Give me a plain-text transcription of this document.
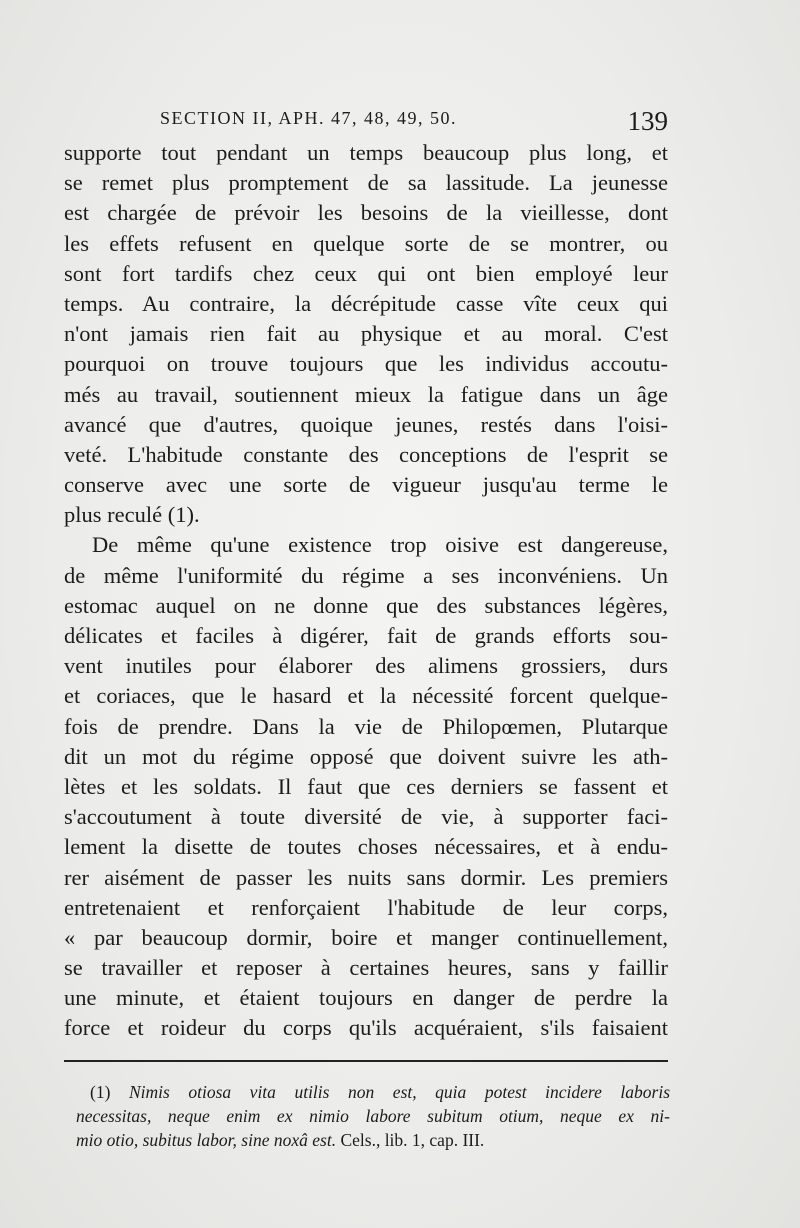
SECTION II, APH. 47, 48, 49, 50.	139
supporte tout pendant un temps beaucoup plus long, et
se remet plus promptement de sa lassitude. La jeunesse
est chargée de prévoir les besoins de la vieillesse, dont
les effets refusent en quelque sorte de se montrer, ou
sont fort tardifs chez ceux qui ont bien employé leur
temps. Au contraire, la décrépitude casse vîte ceux qui
n'ont jamais rien fait au physique et au moral. C'est
pourquoi on trouve toujours que les individus accoutu-
més au travail, soutiennent mieux la fatigue dans un âge
avancé que d'autres, quoique jeunes, restés dans l'oisi-
veté. L'habitude constante des conceptions de l'esprit se
conserve avec une sorte de vigueur jusqu'au terme le
plus reculé (1).
De même qu'une existence trop oisive est dangereuse,
de même l'uniformité du régime a ses inconvéniens. Un
estomac auquel on ne donne que des substances légères,
délicates et faciles à digérer, fait de grands efforts sou-
vent inutiles pour élaborer des alimens grossiers, durs
et coriaces, que le hasard et la nécessité forcent quelque-
fois de prendre. Dans la vie de Philopœmen, Plutarque
dit un mot du régime opposé que doivent suivre les ath-
lètes et les soldats. Il faut que ces derniers se fassent et
s'accoutument à toute diversité de vie, à supporter faci-
lement la disette de toutes choses nécessaires, et à endu-
rer aisément de passer les nuits sans dormir. Les premiers
entretenaient et renforçaient l'habitude de leur corps,
« par beaucoup dormir, boire et manger continuellement,
se travailler et reposer à certaines heures, sans y faillir
une minute, et étaient toujours en danger de perdre la
force et roideur du corps qu'ils acquéraient, s'ils faisaient
(1) Nimis otiosa vita utilis non est, quia potest incidere laboris
necessitas, neque enim ex nimio labore subitum otium, neque ex ni-
mio otio, subitus labor, sine noxâ est. Cels., lib. 1, cap. III.
